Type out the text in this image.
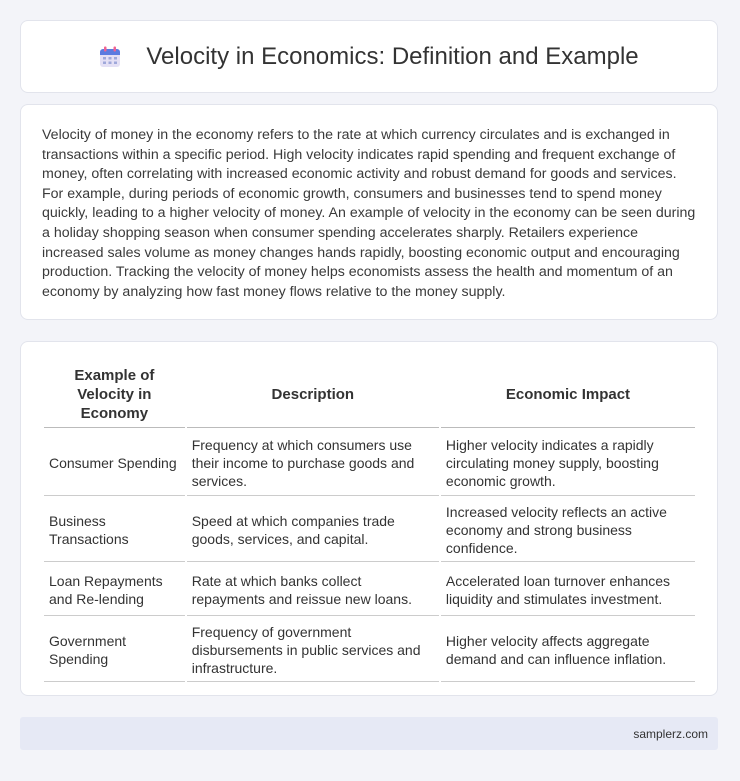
Velocity in Economics: Definition and Example

Velocity of money in the economy refers to the rate at which currency circulates and is exchanged in transactions within a specific period. High velocity indicates rapid spending and frequent exchange of money, often correlating with increased economic activity and robust demand for goods and services. For example, during periods of economic growth, consumers and businesses tend to spend money quickly, leading to a higher velocity of money. An example of velocity in the economy can be seen during a holiday shopping season when consumer spending accelerates sharply. Retailers experience increased sales volume as money changes hands rapidly, boosting economic output and encouraging production. Tracking the velocity of money helps economists assess the health and momentum of an economy by analyzing how fast money flows relative to the money supply.

Example of Velocity in Economy	Description	Economic Impact
Consumer Spending	Frequency at which consumers use their income to purchase goods and services.	Higher velocity indicates a rapidly circulating money supply, boosting economic growth.
Business Transactions	Speed at which companies trade goods, services, and capital.	Increased velocity reflects an active economy and strong business confidence.
Loan Repayments and Re-lending	Rate at which banks collect repayments and reissue new loans.	Accelerated loan turnover enhances liquidity and stimulates investment.
Government Spending	Frequency of government disbursements in public services and infrastructure.	Higher velocity affects aggregate demand and can influence inflation.
samplerz.com
